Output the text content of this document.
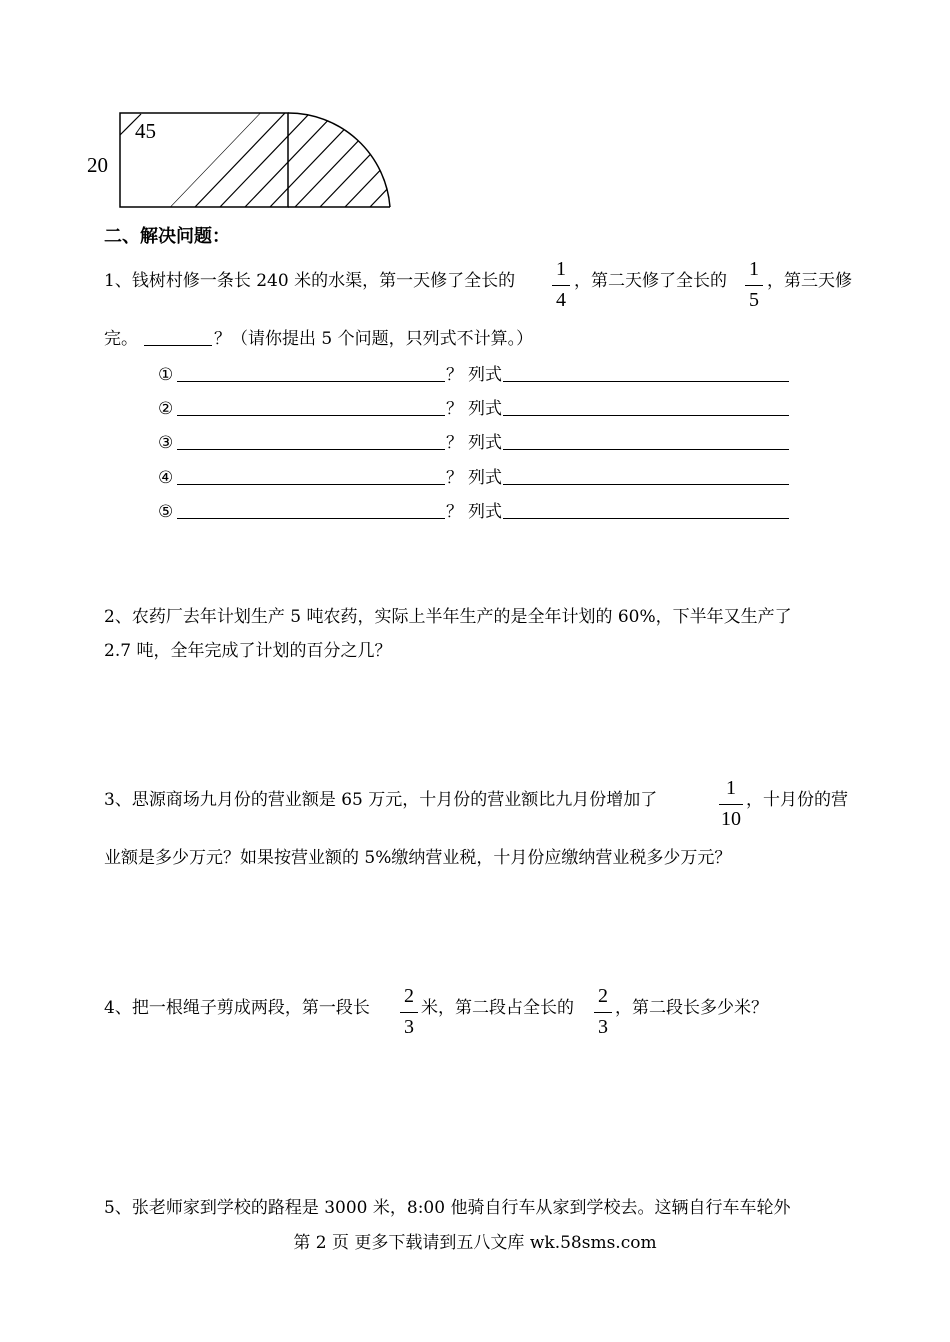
20
45
二、解决问题：
1、钱树村修一条长 240 米的水渠，第一天修了全长的
1
4
，第二天修了全长的
1
5
，第三天修
完。	？（请你提出 5 个问题，只列式不计算。）
①	？ 列式
②	？ 列式
③	？ 列式
④	？ 列式
⑤	？ 列式
2、农药厂去年计划生产 5 吨农药，实际上半年生产的是全年计划的 60%，下半年又生产了
2.7 吨，全年完成了计划的百分之几？
3、思源商场九月份的营业额是 65 万元，十月份的营业额比九月份增加了
1
10
，十月份的营
业额是多少万元？如果按营业额的 5%缴纳营业税，十月份应缴纳营业税多少万元？
4、把一根绳子剪成两段，第一段长
2
3
米，第二段占全长的
2
3
，第二段长多少米？
5、张老师家到学校的路程是 3000 米，8:00 他骑自行车从家到学校去。这辆自行车车轮外
第 2 页 更多下载请到五八文库 wk.58sms.com
